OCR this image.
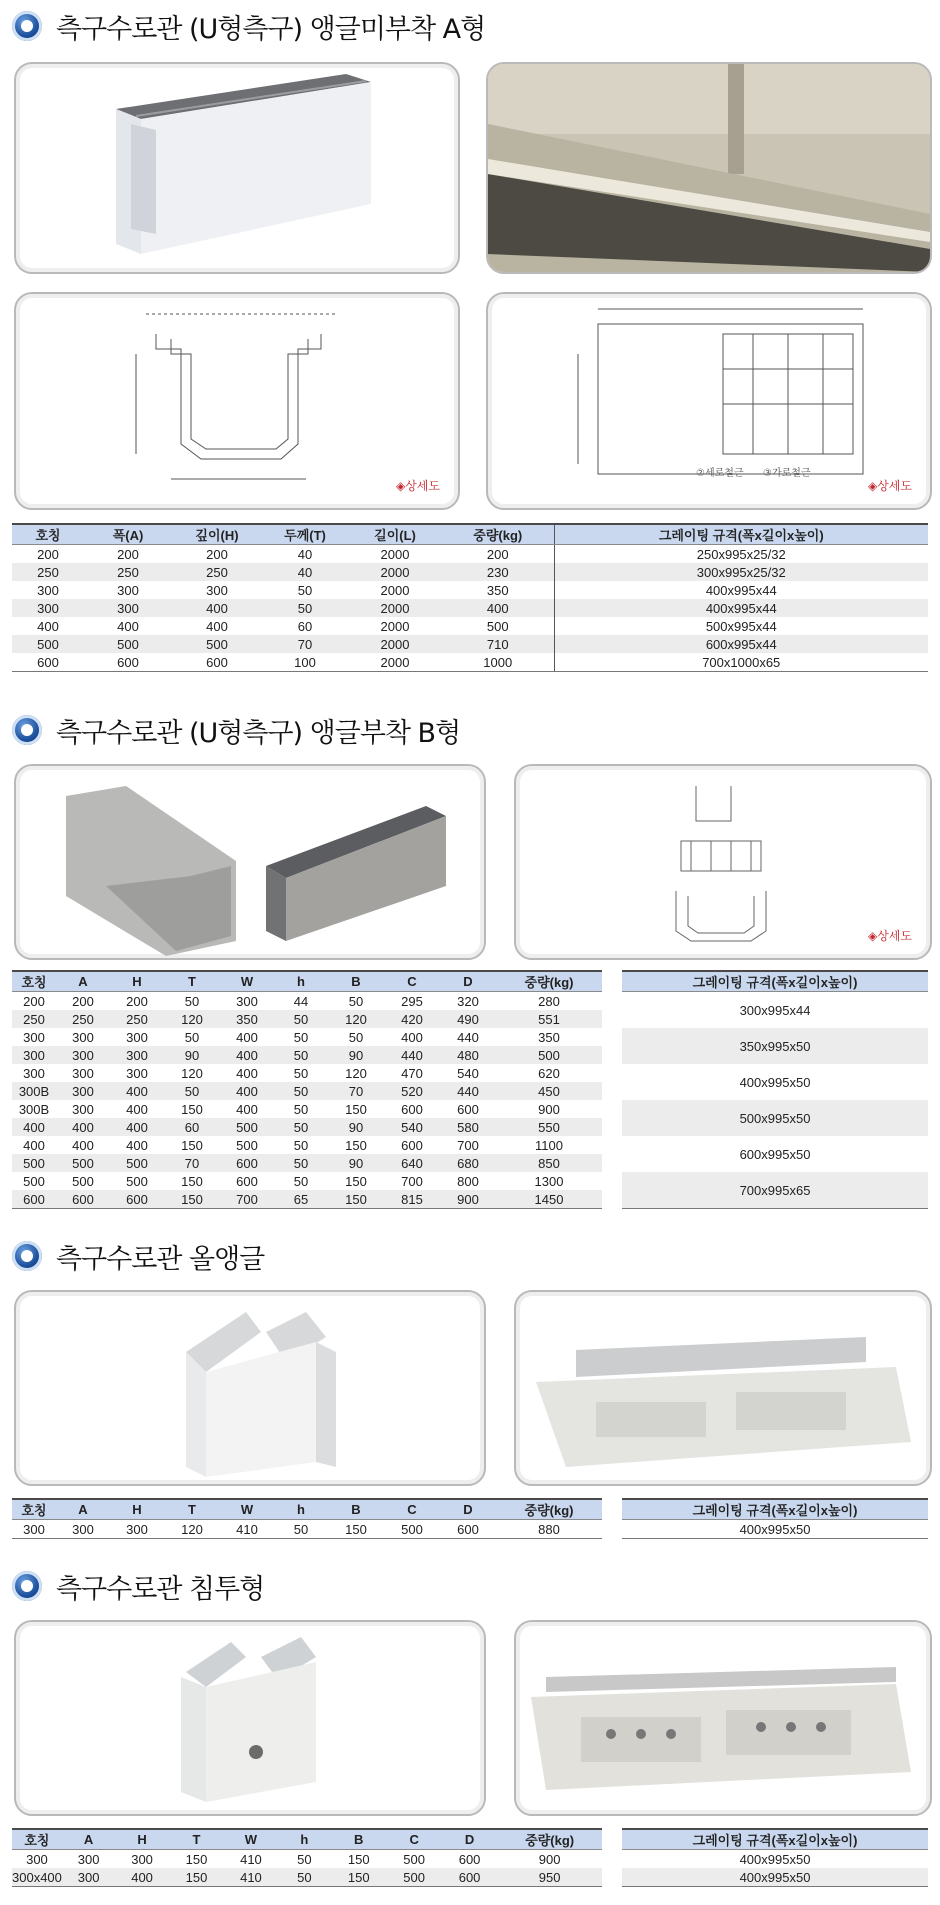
측구수로관 (U형측구) 앵글미부착 A형
◈상세도
②세로철근 ③가로철근
◈상세도
호칭	폭(A)	깊이(H)	두께(T)	길이(L)	중량(kg)	그레이팅 규격(폭x길이x높이)
200	200	200	40	2000	200	250x995x25/32
250	250	250	40	2000	230	300x995x25/32
300	300	300	50	2000	350	400x995x44
300	300	400	50	2000	400	400x995x44
400	400	400	60	2000	500	500x995x44
500	500	500	70	2000	710	600x995x44
600	600	600	100	2000	1000	700x1000x65
측구수로관 (U형측구) 앵글부착 B형
◈상세도
호칭	A	H	T	W	h	B	C	D	중량(kg)
200	200	200	50	300	44	50	295	320	280
250	250	250	120	350	50	120	420	490	551
300	300	300	50	400	50	50	400	440	350
300	300	300	90	400	50	90	440	480	500
300	300	300	120	400	50	120	470	540	620
300B	300	400	50	400	50	70	520	440	450
300B	300	400	150	400	50	150	600	600	900
400	400	400	60	500	50	90	540	580	550
400	400	400	150	500	50	150	600	700	1100
500	500	500	70	600	50	90	640	680	850
500	500	500	150	600	50	150	700	800	1300
600	600	600	150	700	65	150	815	900	1450
그레이팅 규격(폭x길이x높이)
300x995x44
350x995x50
400x995x50
500x995x50
600x995x50
700x995x65
측구수로관 올앵글
호칭	A	H	T	W	h	B	C	D	중량(kg)
300	300	300	120	410	50	150	500	600	880
그레이팅 규격(폭x길이x높이)
400x995x50
측구수로관 침투형
호칭	A	H	T	W	h	B	C	D	중량(kg)
300	300	300	150	410	50	150	500	600	900
300x400	300	400	150	410	50	150	500	600	950
그레이팅 규격(폭x길이x높이)
400x995x50
400x995x50
